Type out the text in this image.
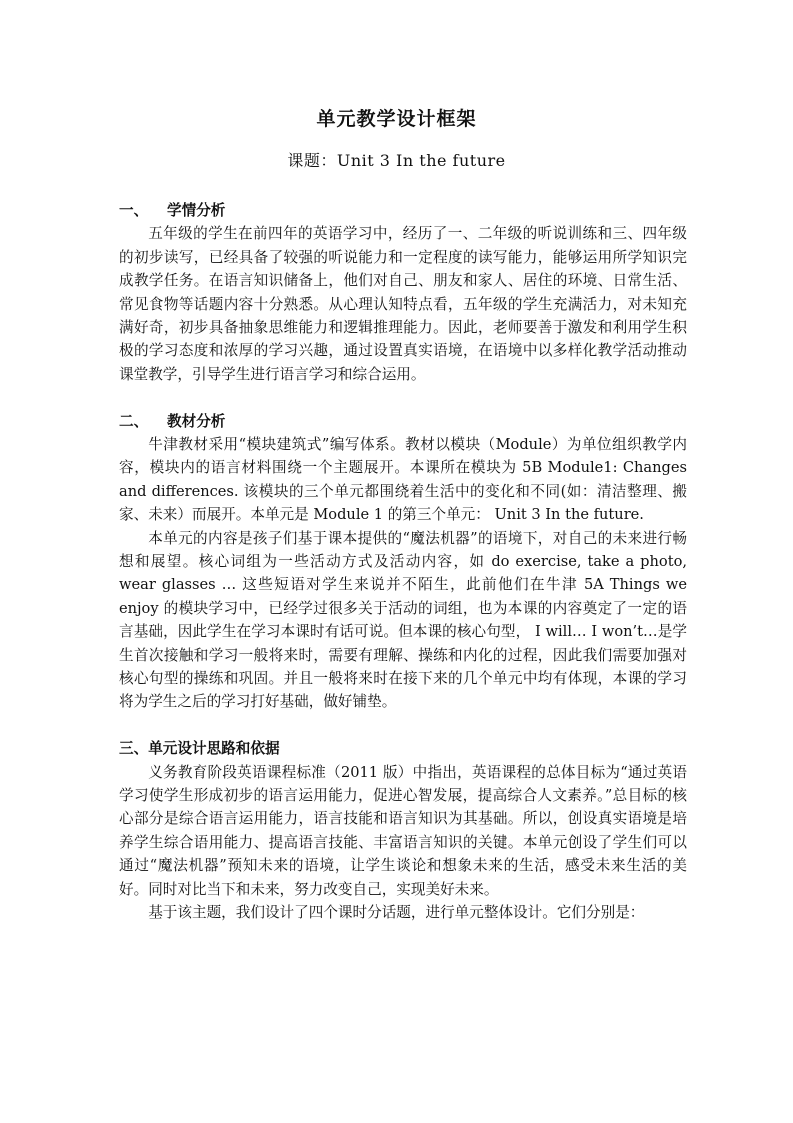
单元教学设计框架
课题：Unit 3 In the future

一、 学情分析

五年级的学生在前四年的英语学习中，经历了一、二年级的听说训练和三、四年级的初步读写，已经具备了较强的听说能力和一定程度的读写能力，能够运用所学知识完成教学任务。在语言知识储备上，他们对自己、朋友和家人、居住的环境、日常生活、常见食物等话题内容十分熟悉。从心理认知特点看，五年级的学生充满活力，对未知充满好奇，初步具备抽象思维能力和逻辑推理能力。因此，老师要善于激发和利用学生积极的学习态度和浓厚的学习兴趣，通过设置真实语境，在语境中以多样化教学活动推动课堂教学，引导学生进行语言学习和综合运用。

二、 教材分析

牛津教材采用“模块建筑式”编写体系。教材以模块（Module）为单位组织教学内容，模块内的语言材料围绕一个主题展开。本课所在模块为 5B Module1: Changes and differences. 该模块的三个单元都围绕着生活中的变化和不同(如：清洁整理、搬家、未来）而展开。本单元是 Module 1 的第三个单元： Unit 3 In the future.

本单元的内容是孩子们基于课本提供的“魔法机器”的语境下，对自己的未来进行畅想和展望。核心词组为一些活动方式及活动内容，如 do exercise, take a photo, wear glasses … 这些短语对学生来说并不陌生，此前他们在牛津 5A Things we enjoy 的模块学习中，已经学过很多关于活动的词组，也为本课的内容奠定了一定的语言基础，因此学生在学习本课时有话可说。但本课的核心句型， I will… I won’t…是学生首次接触和学习一般将来时，需要有理解、操练和内化的过程，因此我们需要加强对核心句型的操练和巩固。并且一般将来时在接下来的几个单元中均有体现，本课的学习将为学生之后的学习打好基础，做好铺垫。

三、单元设计思路和依据

义务教育阶段英语课程标准（2011 版）中指出，英语课程的总体目标为“通过英语学习使学生形成初步的语言运用能力，促进心智发展，提高综合人文素养。”总目标的核心部分是综合语言运用能力，语言技能和语言知识为其基础。所以，创设真实语境是培养学生综合语用能力、提高语言技能、丰富语言知识的关键。本单元创设了学生们可以通过“魔法机器”预知未来的语境，让学生谈论和想象未来的生活，感受未来生活的美好。同时对比当下和未来，努力改变自己，实现美好未来。

基于该主题，我们设计了四个课时分话题，进行单元整体设计。它们分别是：
